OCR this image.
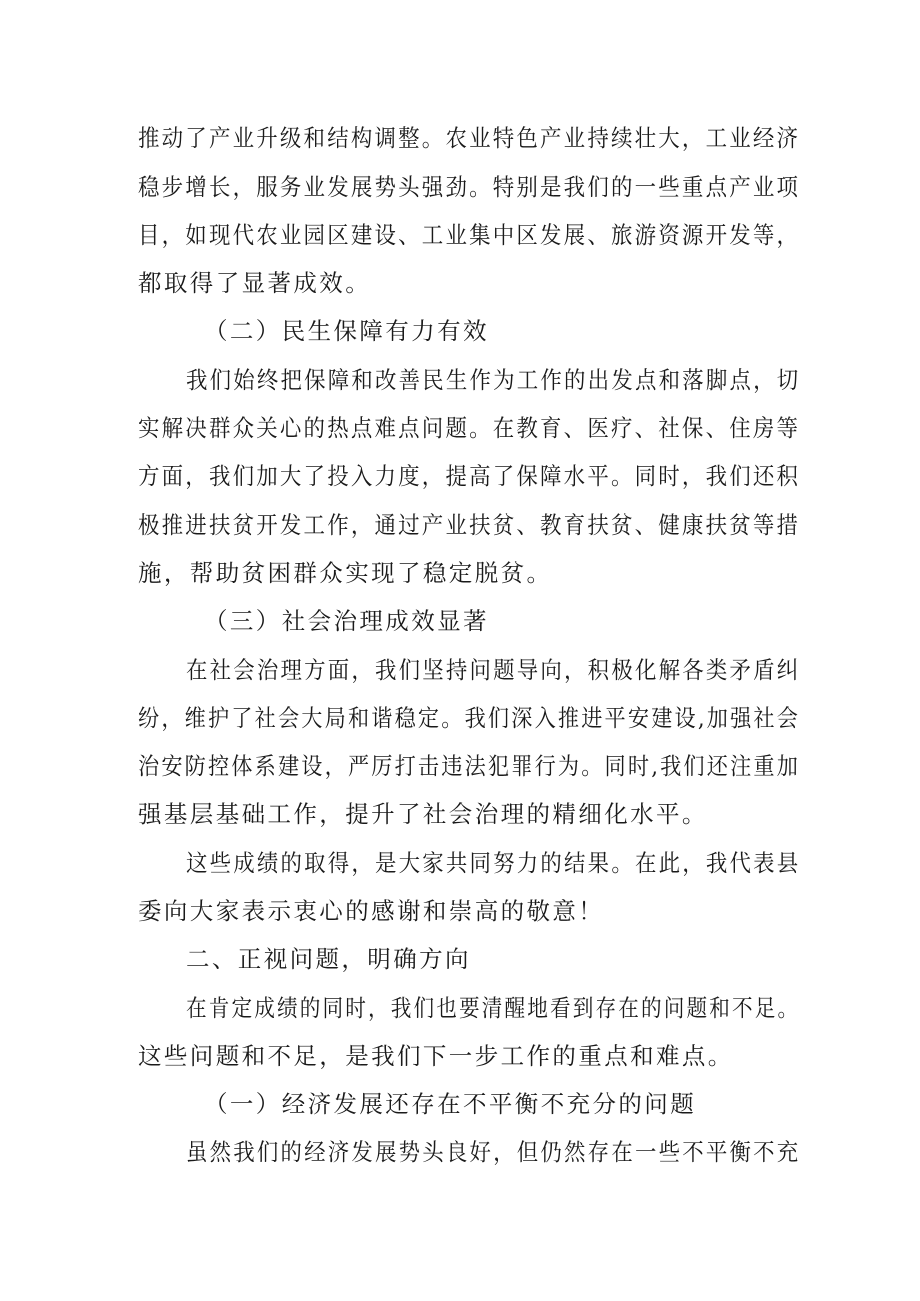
推动了产业升级和结构调整。农业特色产业持续壮大，工业经济
稳步增长，服务业发展势头强劲。特别是我们的一些重点产业项
目，如现代农业园区建设、工业集中区发展、旅游资源开发等，
都取得了显著成效。
（二）民生保障有力有效
我们始终把保障和改善民生作为工作的出发点和落脚点，切
实解决群众关心的热点难点问题。在教育、医疗、社保、住房等
方面，我们加大了投入力度，提高了保障水平。同时，我们还积
极推进扶贫开发工作，通过产业扶贫、教育扶贫、健康扶贫等措
施，帮助贫困群众实现了稳定脱贫。
（三）社会治理成效显著
在社会治理方面，我们坚持问题导向，积极化解各类矛盾纠
纷，维护了社会大局和谐稳定。我们深入推进平安建设,加强社会
治安防控体系建设，严厉打击违法犯罪行为。同时,我们还注重加
强基层基础工作，提升了社会治理的精细化水平。
这些成绩的取得，是大家共同努力的结果。在此，我代表县
委向大家表示衷心的感谢和崇高的敬意！
二、正视问题，明确方向
在肯定成绩的同时，我们也要清醒地看到存在的问题和不足。
这些问题和不足，是我们下一步工作的重点和难点。
（一）经济发展还存在不平衡不充分的问题
虽然我们的经济发展势头良好，但仍然存在一些不平衡不充
